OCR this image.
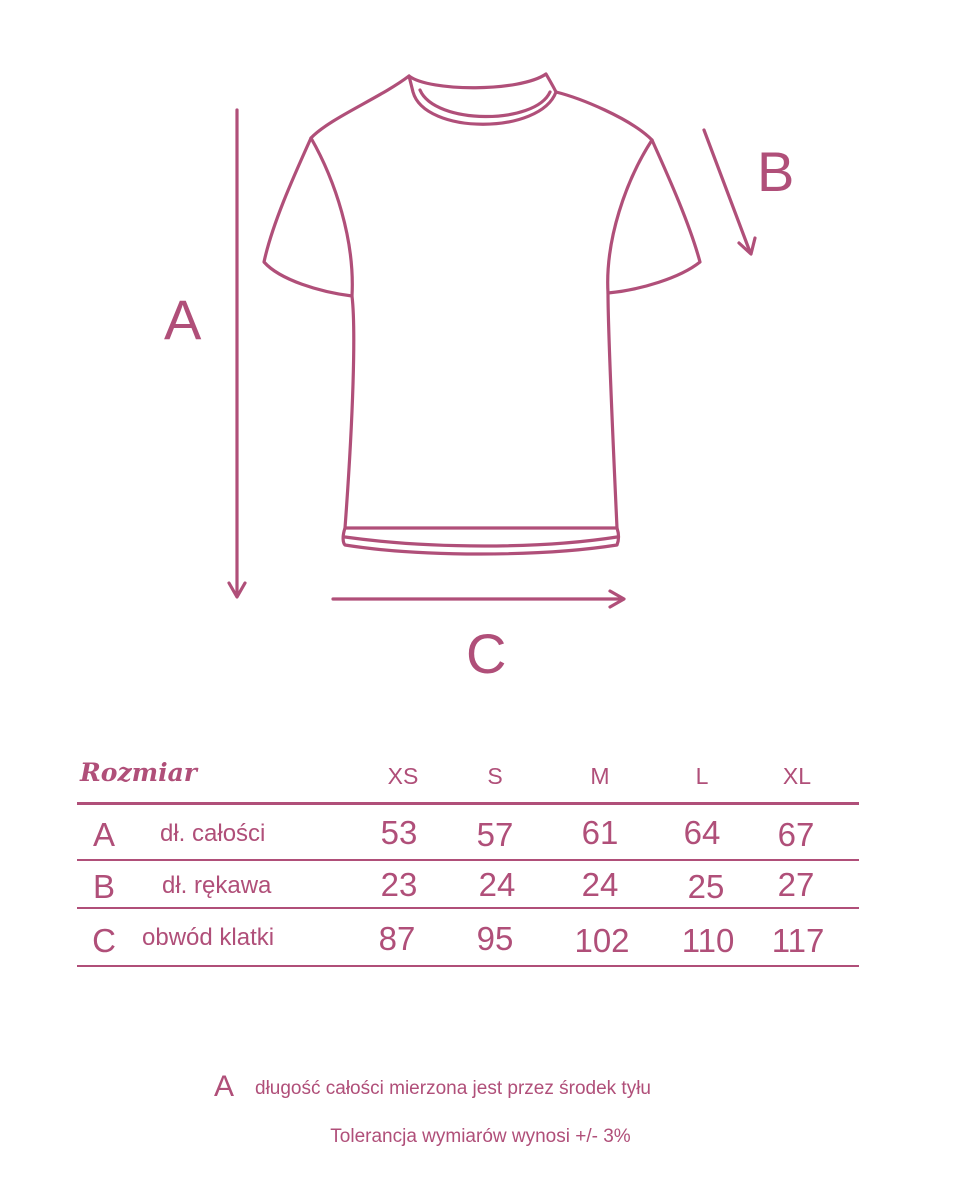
A
B
C
Rozmiar	XS	S	M	L	XL
A dł. całości	53	57	61	64	67
B dł. rękawa	23	24	24	25	27
C obwód klatki	87	95	102	110	117
A długość całości mierzona jest przez środek tyłu
Tolerancja wymiarów wynosi +/- 3%
